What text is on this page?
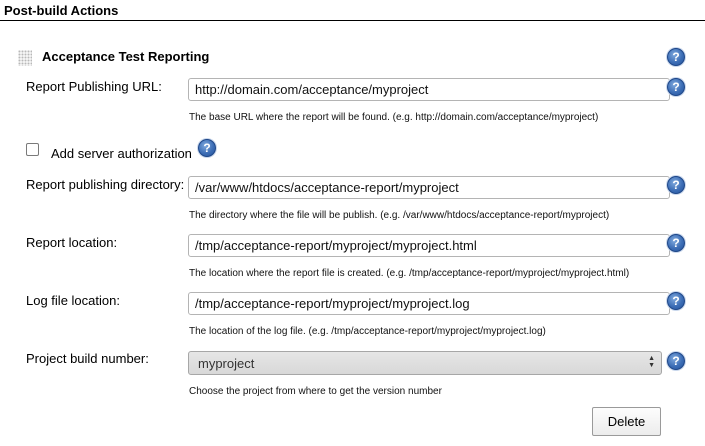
Post-build Actions
Acceptance Test Reporting	?
Report Publishing URL:
http://domain.com/acceptance/myproject	?
The base URL where the report will be found. (e.g. http://domain.com/acceptance/myproject)
Add server authorization ?
Report publishing directory:
/var/www/htdocs/acceptance-report/myproject	?
The directory where the file will be publish. (e.g. /var/www/htdocs/acceptance-report/myproject)
Report location:
/tmp/acceptance-report/myproject/myproject.html	?
The location where the report file is created. (e.g. /tmp/acceptance-report/myproject/myproject.html)
Log file location:
/tmp/acceptance-report/myproject/myproject.log	?
The location of the log file. (e.g. /tmp/acceptance-report/myproject/myproject.log)
Project build number:	myproject	▲
▼	?
Choose the project from where to get the version number
Delete
